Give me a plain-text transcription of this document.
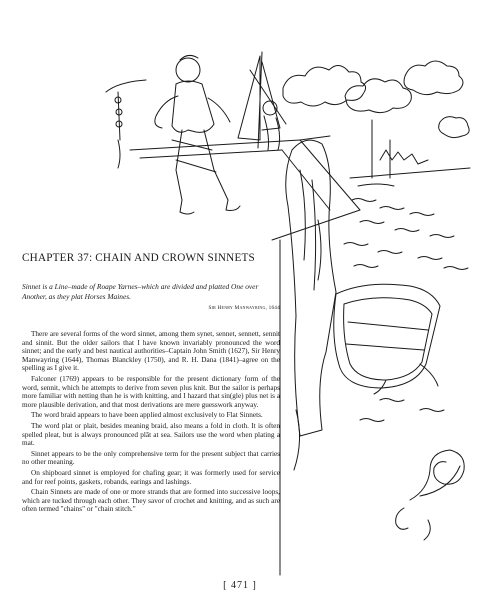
CHAPTER 37: CHAIN AND CROWN SINNETS
Sinnet is a Line–made of Roape Yarnes–which are divided and platted One over Another, as they plat Horses Maines.
Sir Henry Manwayring, 1644

There are several forms of the word sinnet, among them synet, sennet, sennett, sennit and sinnit. But the older sailors that I have known invariably pronounced the word sinnet; and the early and best nautical authorities–Captain John Smith (1627), Sir Henry Manwayring (1644), Thomas Blanckley (1750), and R. H. Dana (1841)–agree on the spelling as I give it.

Falconer (1769) appears to be responsible for the present dictionary form of the word, sennit, which he attempts to derive from seven plus knit. But the sailor is perhaps more familiar with netting than he is with knitting, and I hazard that sin(gle) plus net is a more plausible derivation, and that most derivations are mere guesswork anyway.

The word braid appears to have been applied almost exclusively to Flat Sinnets.

The word plat or plait, besides meaning braid, also means a fold in cloth. It is often spelled pleat, but is always pronounced plāt at sea. Sailors use the word when plating a mat.

Sinnet appears to be the only comprehensive term for the present subject that carries no other meaning.

On shipboard sinnet is employed for chafing gear; it was formerly used for service and for reef points, gaskets, robands, earings and lashings.

Chain Sinnets are made of one or more strands that are formed into successive loops, which are tucked through each other. They savor of crochet and knitting, and as such are often termed "chains" or "chain stitch."

[ 471 ]
